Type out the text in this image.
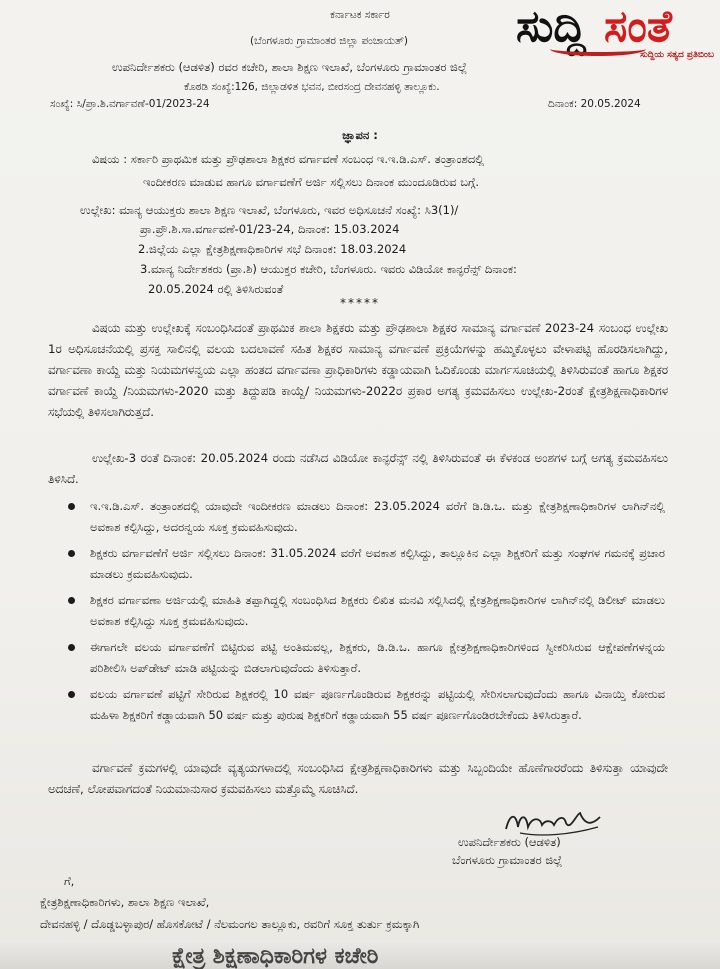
ಸುದ್ದಿ ಸಂತೆ
ಸುದ್ದಿಯ ಸತ್ಯದ ಪ್ರತಿಬಿಂಬ
ಕರ್ನಾಟಕ ಸರ್ಕಾರ
(ಬೆಂಗಳೂರು ಗ್ರಾಮಾಂತರ ಜಿಲ್ಲಾ ಪಂಚಾಯತ್)
ಉಪನಿರ್ದೇಶಕರು (ಆಡಳಿತ) ರವರ ಕಚೇರಿ, ಶಾಲಾ ಶಿಕ್ಷಣ ಇಲಾಖೆ, ಬೆಂಗಳೂರು ಗ್ರಾಮಾಂತರ ಜಿಲ್ಲೆ
ಕೊಠಡಿ ಸಂಖ್ಯೆ:126, ಜಿಲ್ಲಾಡಳಿತ ಭವನ, ಬೀರಸಂದ್ರ ದೇವನಹಳ್ಳಿ ತಾಲ್ಲೂಕು.
ಸಂಖ್ಯೆ: ಸಿ/ಪ್ರಾ.ಶಿ.ವರ್ಗಾವಣೆ-01/2023-24	ದಿನಾಂಕ: 20.05.2024
ಜ್ಞಾಪನ :
ವಿಷಯ : ಸರ್ಕಾರಿ ಪ್ರಾಥಮಿಕ ಮತ್ತು ಪ್ರೌಢಶಾಲಾ ಶಿಕ್ಷಕರ ವರ್ಗಾವಣೆ ಸಂಬಂಧ ಇ.ಇ.ಡಿ.ಎಸ್. ತಂತ್ರಾಂಶದಲ್ಲಿ
ಇಂದೀಕರಣ ಮಾಡುವ ಹಾಗೂ ವರ್ಗಾವಣೆಗೆ ಅರ್ಜಿ ಸಲ್ಲಿಸಲು ದಿನಾಂಕ ಮುಂದೂಡಿರುವ ಬಗ್ಗೆ.
ಉಲ್ಲೇಖ: ಮಾನ್ಯ ಆಯುಕ್ತರು ಶಾಲಾ ಶಿಕ್ಷಣ ಇಲಾಖೆ, ಬೆಂಗಳೂರು, ಇವರ ಅಧಿಸೂಚನೆ ಸಂಖ್ಯೆ: ಸಿ3(1)/
ಪ್ರಾ.ಪ್ರೌ.ಶಿ.ಸಾ.ವರ್ಗಾವಣೆ-01/23-24, ದಿನಾಂಕ: 15.03.2024
2.ಜಿಲ್ಲೆಯ ಎಲ್ಲಾ ಕ್ಷೇತ್ರಶಿಕ್ಷಣಾಧಿಕಾರಿಗಳ ಸಭೆ ದಿನಾಂಕ: 18.03.2024
3.ಮಾನ್ಯ ನಿರ್ದೇಶಕರು (ಪ್ರಾ.ಶಿ) ಆಯುಕ್ತರ ಕಚೇರಿ, ಬೆಂಗಳೂರು. ಇವರು ವಿಡಿಯೋ ಕಾನ್ಫರೆನ್ಸ್ ದಿನಾಂಕ:
20.05.2024 ರಲ್ಲಿ ತಿಳಿಸಿರುವಂತೆ
*****
ವಿಷಯ ಮತ್ತು ಉಲ್ಲೇಖಕ್ಕೆ ಸಂಬಂಧಿಸಿದಂತೆ ಪ್ರಾಥಮಿಕ ಶಾಲಾ ಶಿಕ್ಷಕರು ಮತ್ತು ಪ್ರೌಢಶಾಲಾ ಶಿಕ್ಷಕರ ಸಾಮಾನ್ಯ ವರ್ಗಾವಣೆ 2023-24 ಸಂಬಂಧ ಉಲ್ಲೇಖ 1ರ ಅಧಿಸೂಚನೆಯಲ್ಲಿ ಪ್ರಸಕ್ತ ಸಾಲಿನಲ್ಲಿ ವಲಯ ಬದಲಾವಣೆ ಸಹಿತ ಶಿಕ್ಷಕರ ಸಾಮಾನ್ಯ ವರ್ಗಾವಣೆ ಪ್ರಕ್ರಿಯೆಗಳನ್ನು ಹಮ್ಮಿಕೊಳ್ಳಲು ವೇಳಾಪಟ್ಟಿ ಹೊರಡಿಸಲಾಗಿದ್ದು, ವರ್ಗಾವಣಾ ಕಾಯ್ದೆ ಮತ್ತು ನಿಯಮಗಳನ್ವಯ ಎಲ್ಲಾ ಹಂತದ ವರ್ಗಾವಣಾ ಪ್ರಾಧಿಕಾರಿಗಳು ಕಡ್ಡಾಯವಾಗಿ ಓದಿಕೊಂಡು ಮಾರ್ಗಸೂಚಿಯಲ್ಲಿ ತಿಳಿಸಿರುವಂತೆ ಹಾಗೂ ಶಿಕ್ಷಕರ ವರ್ಗಾವಣೆ ಕಾಯ್ದೆ /ನಿಯಮಗಳು-2020 ಮತ್ತು ತಿದ್ದುಪಡಿ ಕಾಯ್ದೆ/ ನಿಯಮಗಳು-2022ರ ಪ್ರಕಾರ ಅಗತ್ಯ ಕ್ರಮವಹಿಸಲು ಉಲ್ಲೇಖ-2ರಂತೆ ಕ್ಷೇತ್ರಶಿಕ್ಷಣಾಧಿಕಾರಿಗಳ ಸಭೆಯಲ್ಲಿ ತಿಳಿಸಲಾಗಿರುತ್ತದೆ.
ಉಲ್ಲೇಖ-3 ರಂತೆ ದಿನಾಂಕ: 20.05.2024 ರಂದು ನಡೆಸಿದ ವಿಡಿಯೋ ಕಾನ್ಫರೆನ್ಸ್ ನಲ್ಲಿ ತಿಳಿಸಿರುವಂತೆ ಈ ಕೆಳಕಂಡ ಅಂಶಗಳ ಬಗ್ಗೆ ಅಗತ್ಯ ಕ್ರಮವಹಿಸಲು ತಿಳಿಸಿದೆ.
ಇ.ಇ.ಡಿ.ಎಸ್. ತಂತ್ರಾಂಶದಲ್ಲಿ ಯಾವುದೇ ಇಂದೀಕರಣ ಮಾಡಲು ದಿನಾಂಕ: 23.05.2024 ವರೆಗೆ ಡಿ.ಡಿ.ಒ. ಮತ್ತು ಕ್ಷೇತ್ರಶಿಕ್ಷಣಾಧಿಕಾರಿಗಳ ಲಾಗಿನ್‌ನಲ್ಲಿ ಅವಕಾಶ ಕಲ್ಪಿಸಿದ್ದು, ಅದರನ್ವಯ ಸೂಕ್ತ ಕ್ರಮವಹಿಸುವುದು.
ಶಿಕ್ಷಕರು ವರ್ಗಾವಣೆಗೆ ಅರ್ಜಿ ಸಲ್ಲಿಸಲು ದಿನಾಂಕ: 31.05.2024 ವರೆಗೆ ಅವಕಾಶ ಕಲ್ಪಿಸಿದ್ದು, ತಾಲ್ಲೂಕಿನ ಎಲ್ಲಾ ಶಿಕ್ಷಕರಿಗೆ ಮತ್ತು ಸಂಘಗಳ ಗಮನಕ್ಕೆ ಪ್ರಚಾರ ಮಾಡಲು ಕ್ರಮವಹಿಸುವುದು.
ಶಿಕ್ಷಕರ ವರ್ಗಾವಣಾ ಅರ್ಜಿಯಲ್ಲಿ ಮಾಹಿತಿ ತಪ್ಪಾಗಿದ್ದಲ್ಲಿ ಸಂಬಂಧಿಸಿದ ಶಿಕ್ಷಕರು ಲಿಖಿತ ಮನವಿ ಸಲ್ಲಿಸಿದಲ್ಲಿ ಕ್ಷೇತ್ರಶಿಕ್ಷಣಾಧಿಕಾರಿಗಳ ಲಾಗಿನ್‌ನಲ್ಲಿ ಡಿಲೀಟ್ ಮಾಡಲು ಅವಕಾಶ ಕಲ್ಪಿಸಿದ್ದು ಸೂಕ್ತ ಕ್ರಮವಹಿಸುವುದು.
ಈಗಾಗಲೇ ವಲಯ ವರ್ಗಾವಣೆಗೆ ಬಿಟ್ಟಿರುವ ಪಟ್ಟಿ ಅಂತಿಮವಲ್ಲ, ಶಿಕ್ಷಕರು, ಡಿ.ಡಿ.ಒ. ಹಾಗೂ ಕ್ಷೇತ್ರಶಿಕ್ಷಣಾಧಿಕಾರಿಗಳಿಂದ ಸ್ವೀಕರಿಸಿರುವ ಆಕ್ಷೇಪಣೆಗಳನ್ನಯ ಪರಿಶೀಲಿಸಿ ಅಪ್‌ಡೇಟ್ ಮಾಡಿ ಪಟ್ಟಿಯನ್ನು ಬಿಡಲಾಗುವುದೆಂದು ತಿಳಿಸುತ್ತಾರೆ.
ವಲಯ ವರ್ಗಾವಣೆ ಪಟ್ಟಿಗೆ ಸೇರಿರುವ ಶಿಕ್ಷಕರಲ್ಲಿ 10 ವರ್ಷ ಪೂರ್ಣಗೊಂಡಿರುವ ಶಿಕ್ಷಕರನ್ನು ಪಟ್ಟಿಯಲ್ಲಿ ಸೇರಿಸಲಾಗುವುದೆಂದು ಹಾಗೂ ವಿನಾಯ್ತಿ ಕೋರುವ ಮಹಿಳಾ ಶಿಕ್ಷಕರಿಗೆ ಕಡ್ಡಾಯವಾಗಿ 50 ವರ್ಷ ಮತ್ತು ಪುರುಷ ಶಿಕ್ಷಕರಿಗೆ ಕಡ್ಡಾಯವಾಗಿ 55 ವರ್ಷ ಪೂರ್ಣಗೊಂಡಿರಬೇಕೆಂದು ತಿಳಿಸಿರುತ್ತಾರೆ.
ವರ್ಗಾವಣೆ ಕ್ರಮಗಳಲ್ಲಿ ಯಾವುದೇ ವ್ಯತ್ಯಯಗಳಾದಲ್ಲಿ ಸಂಬಂಧಿಸಿದ ಕ್ಷೇತ್ರಶಿಕ್ಷಣಾಧಿಕಾರಿಗಳು ಮತ್ತು ಸಿಬ್ಬಂದಿಯೇ ಹೊಣೆಗಾರರೆಂದು ತಿಳಿಸುತ್ತಾ ಯಾವುದೇ ಅದಚಣೆ, ಲೋಪವಾಗದಂತೆ ನಿಯಮಾನುಸಾರ ಕ್ರಮವಹಿಸಲು ಮತ್ತೊಮ್ಮೆ ಸೂಚಿಸಿದೆ.
ಉಪನಿರ್ದೇಶಕರು (ಆಡಳಿತ)
ಬೆಂಗಳೂರು ಗ್ರಾಮಾಂತರ ಜಿಲ್ಲೆ
ಗೆ,
ಕ್ಷೇತ್ರಶಿಕ್ಷಣಾಧಿಕಾರಿಗಳು, ಶಾಲಾ ಶಿಕ್ಷಣ ಇಲಾಖೆ,
ದೇವನಹಳ್ಳಿ / ದೊಡ್ಡಬಳ್ಳಾಪುರ/ ಹೊಸಕೋಟೆ / ನೆಲಮಂಗಲ ತಾಲ್ಲೂಕು, ರವರಿಗೆ ಸೂಕ್ತ ತುರ್ತು ಕ್ರಮಕ್ಕಾಗಿ
ಕ್ಷೇತ್ರ ಶಿಕ್ಷಣಾಧಿಕಾರಿಗಳ ಕಚೇರಿ
